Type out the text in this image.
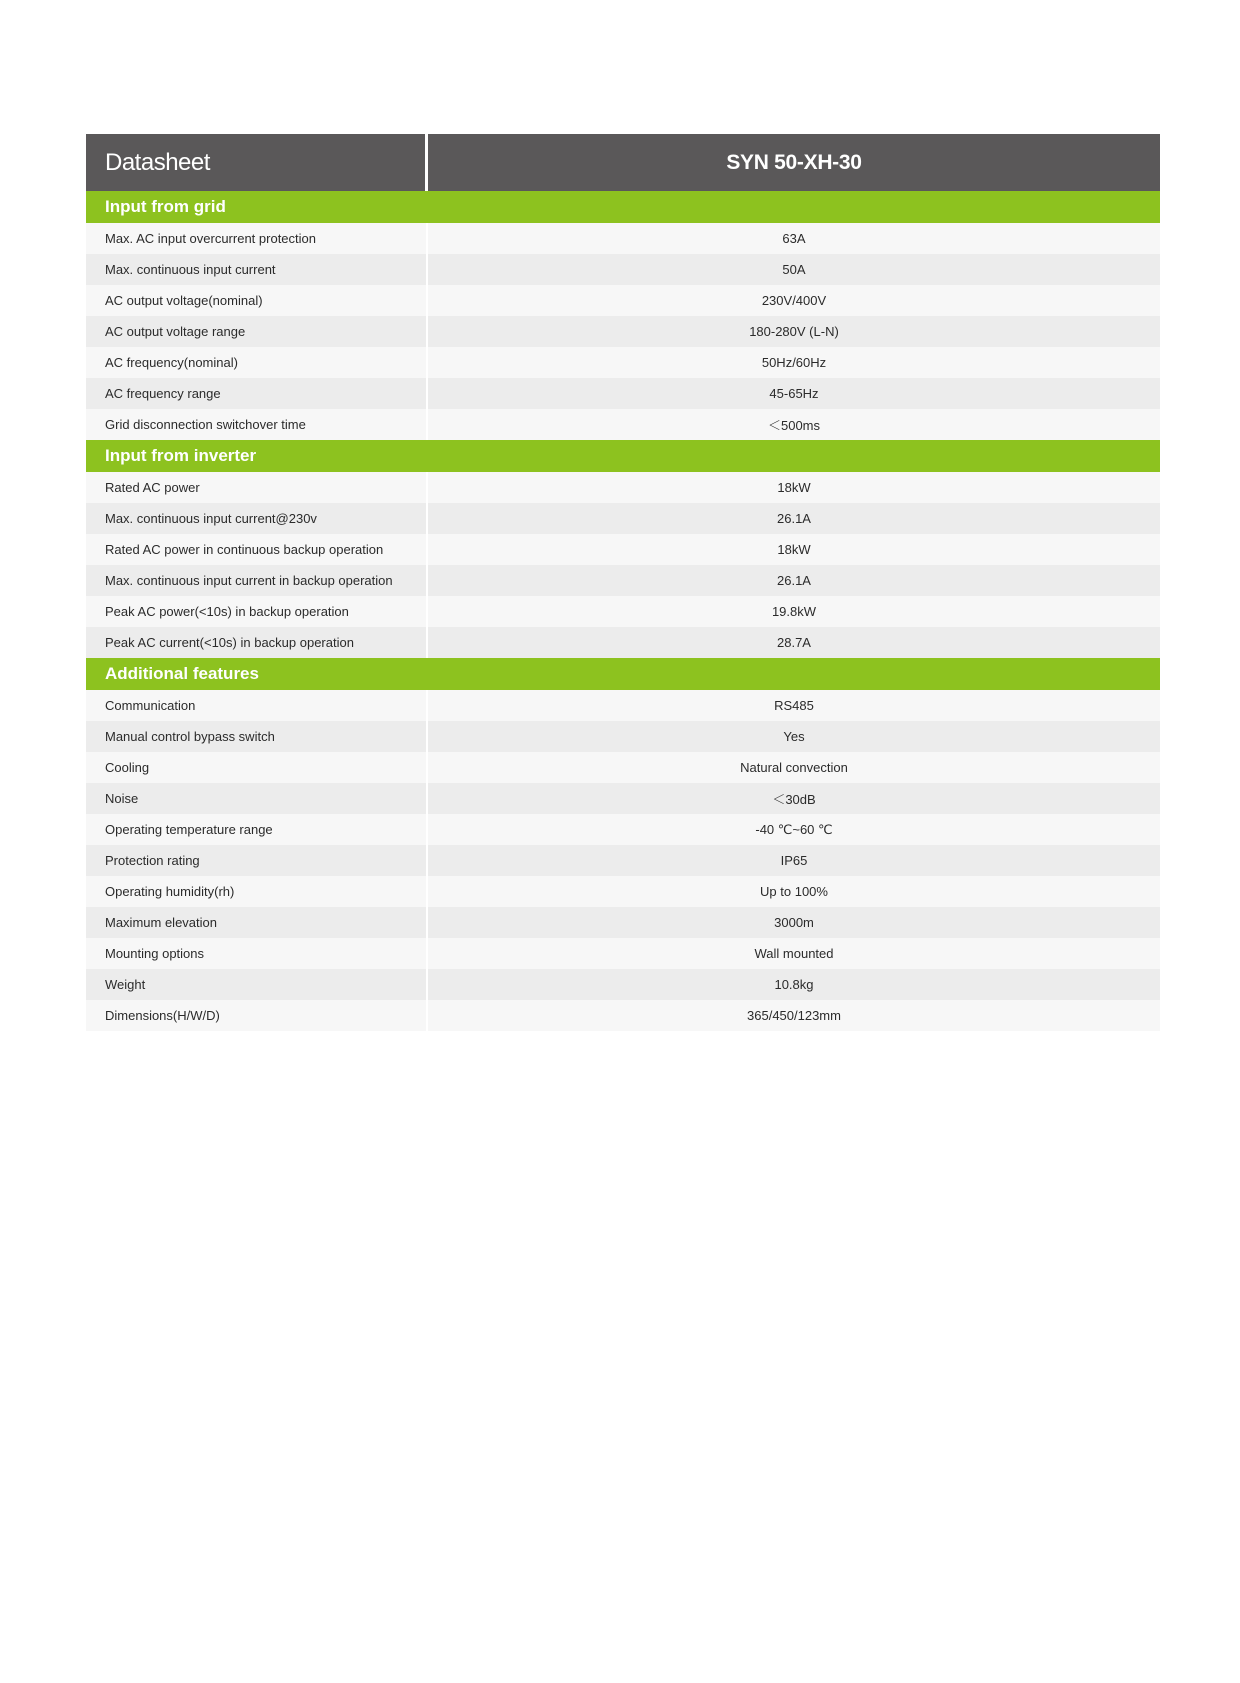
Datasheet	SYN 50-XH-30
Input from grid
Max. AC input overcurrent protection	63A
Max. continuous input current	50A
AC output voltage(nominal)	230V/400V
AC output voltage range	180-280V (L-N)
AC frequency(nominal)	50Hz/60Hz
AC frequency range	45-65Hz
Grid disconnection switchover time	＜500ms
Input from inverter
Rated AC power	18kW
Max. continuous input current@230v	26.1A
Rated AC power in continuous backup operation	18kW
Max. continuous input current in backup operation	26.1A
Peak AC power(<10s) in backup operation	19.8kW
Peak AC current(<10s) in backup operation	28.7A
Additional features
Communication	RS485
Manual control bypass switch	Yes
Cooling	Natural convection
Noise	＜30dB
Operating temperature range	-40 ℃~60 ℃
Protection rating	IP65
Operating humidity(rh)	Up to 100%
Maximum elevation	3000m
Mounting options	Wall mounted
Weight	10.8kg
Dimensions(H/W/D)	365/450/123mm
